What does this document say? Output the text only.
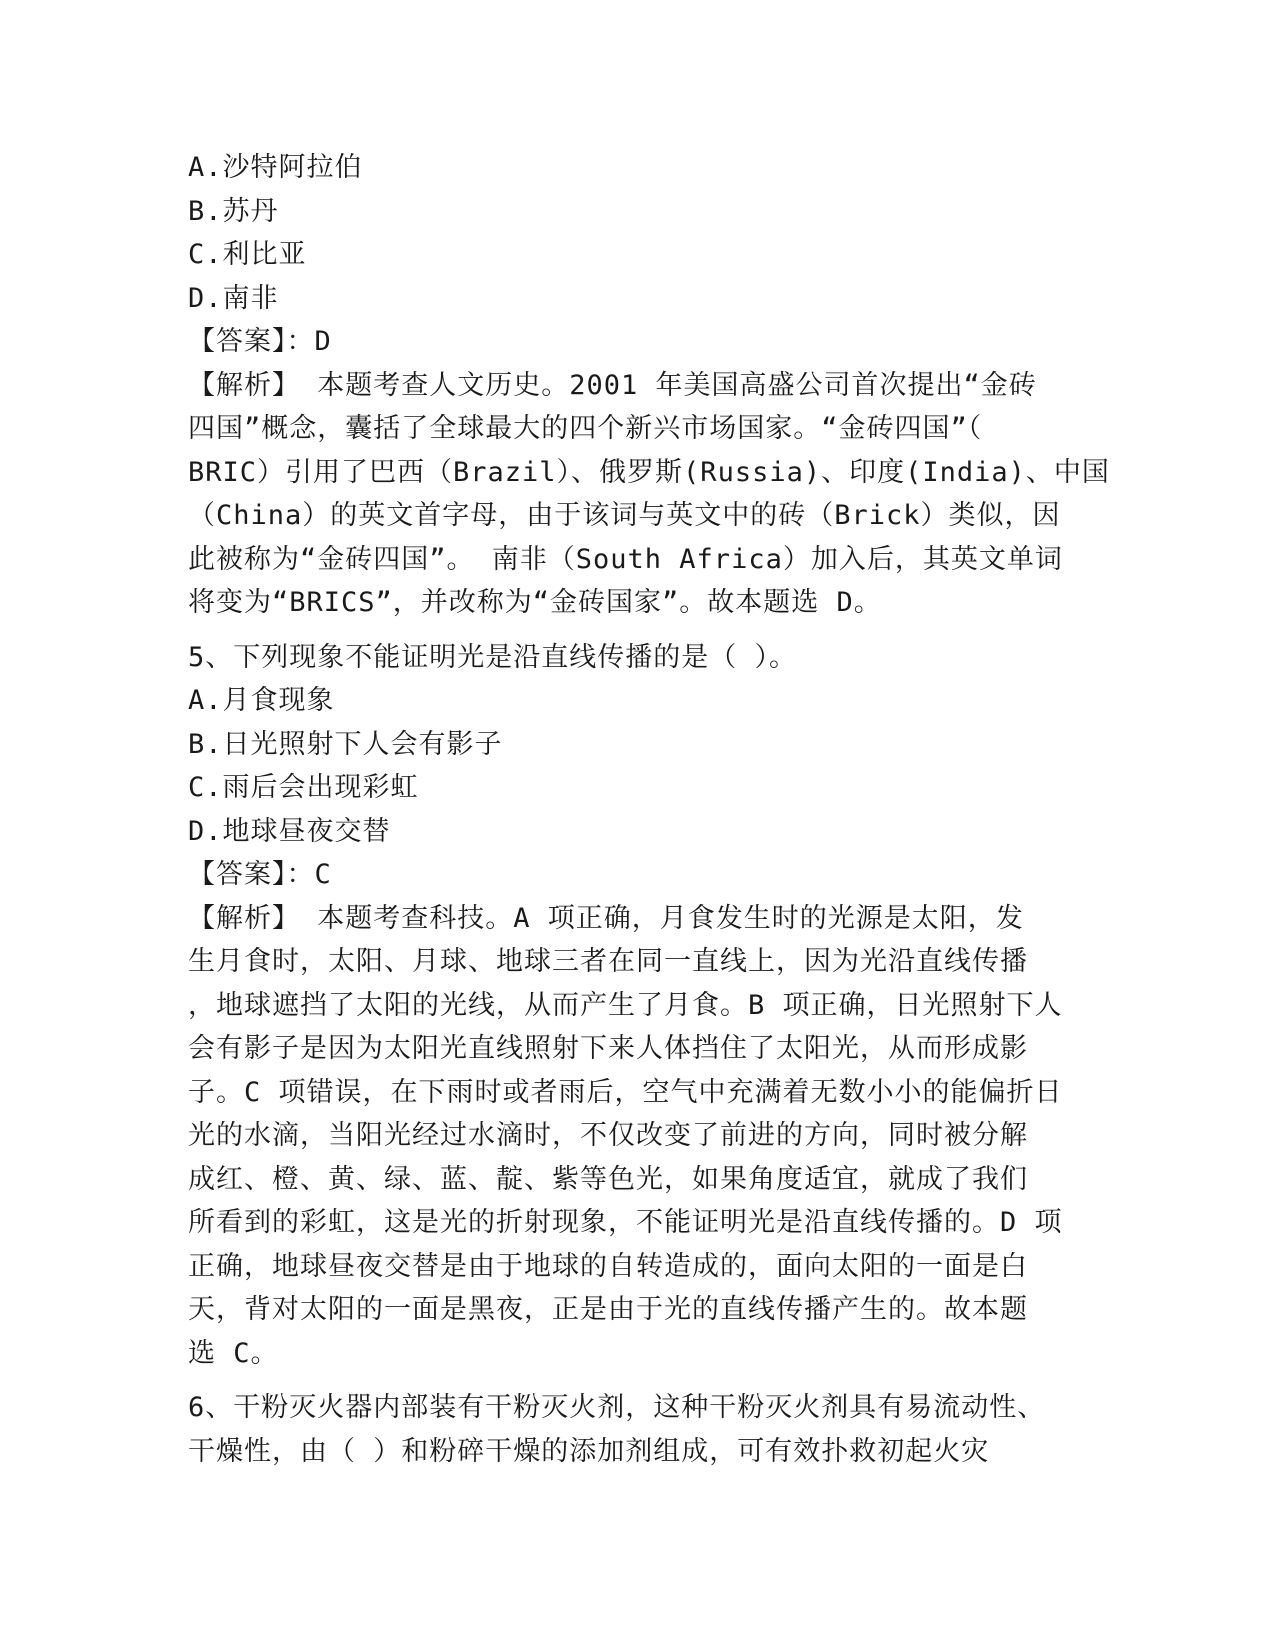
A.沙特阿拉伯
B.苏丹
C.利比亚
D.南非
【答案】：D
【解析】 本题考查人文历史。2001 年美国高盛公司首次提出“金砖
四国”概念，囊括了全球最大的四个新兴市场国家。“金砖四国”（
BRIC）引用了巴西（Brazil）、俄罗斯(Russia)、印度(India)、中国
（China）的英文首字母，由于该词与英文中的砖（Brick）类似，因
此被称为“金砖四国”。 南非（South Africa）加入后，其英文单词
将变为“BRICS”，并改称为“金砖国家”。故本题选 D。
5、下列现象不能证明光是沿直线传播的是（ ）。
A.月食现象
B.日光照射下人会有影子
C.雨后会出现彩虹
D.地球昼夜交替
【答案】：C
【解析】 本题考查科技。A 项正确，月食发生时的光源是太阳，发
生月食时，太阳、月球、地球三者在同一直线上，因为光沿直线传播
，地球遮挡了太阳的光线，从而产生了月食。B 项正确，日光照射下人
会有影子是因为太阳光直线照射下来人体挡住了太阳光，从而形成影
子。C 项错误，在下雨时或者雨后，空气中充满着无数小小的能偏折日
光的水滴，当阳光经过水滴时，不仅改变了前进的方向，同时被分解
成红、橙、黄、绿、蓝、靛、紫等色光，如果角度适宜，就成了我们
所看到的彩虹，这是光的折射现象，不能证明光是沿直线传播的。D 项
正确，地球昼夜交替是由于地球的自转造成的，面向太阳的一面是白
天，背对太阳的一面是黑夜，正是由于光的直线传播产生的。故本题
选 C。
6、干粉灭火器内部装有干粉灭火剂，这种干粉灭火剂具有易流动性、
干燥性，由（ ）和粉碎干燥的添加剂组成，可有效扑救初起火灾
